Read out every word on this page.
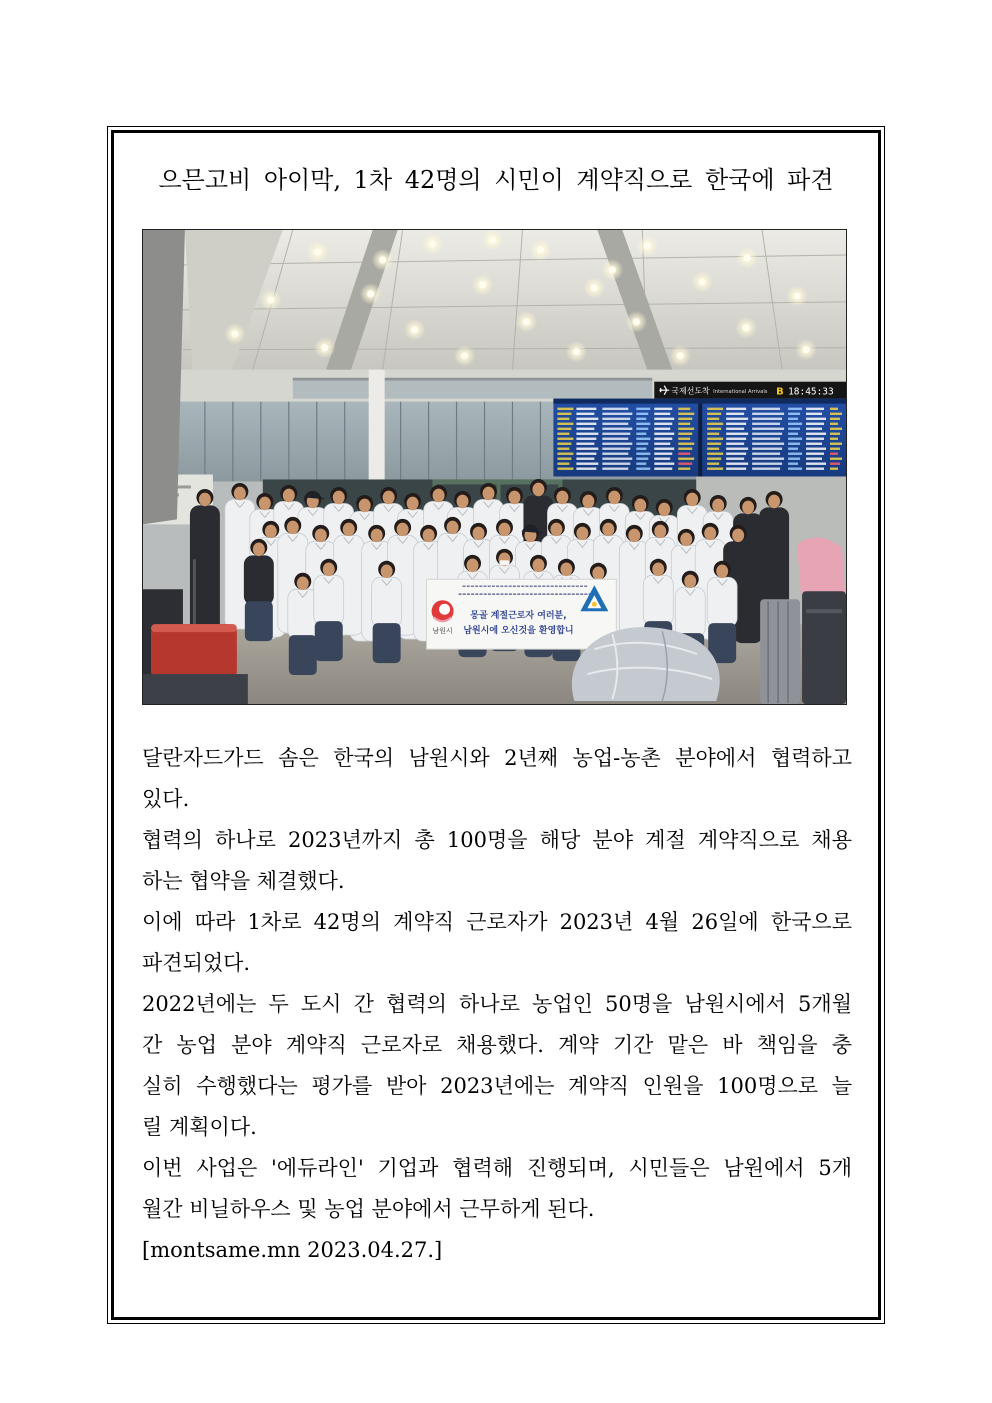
으믄고비 아이막, 1차 42명의 시민이 계약직으로 한국에 파견
국제선도착 International Arrivals B 18:45:33
남원시
몽골 계절근로자 여러분,
남원시에 오신것을 환영합니
달란자드가드 솜은 한국의 남원시와 2년째 농업-농촌 분야에서 협력하고
있다.
협력의 하나로 2023년까지 총 100명을 해당 분야 계절 계약직으로 채용
하는 협약을 체결했다.
이에 따라 1차로 42명의 계약직 근로자가 2023년 4월 26일에 한국으로
파견되었다.
2022년에는 두 도시 간 협력의 하나로 농업인 50명을 남원시에서 5개월
간 농업 분야 계약직 근로자로 채용했다. 계약 기간 맡은 바 책임을 충
실히 수행했다는 평가를 받아 2023년에는 계약직 인원을 100명으로 늘
릴 계획이다.
이번 사업은 '에듀라인' 기업과 협력해 진행되며, 시민들은 남원에서 5개
월간 비닐하우스 및 농업 분야에서 근무하게 된다.
[montsame.mn 2023.04.27.]
